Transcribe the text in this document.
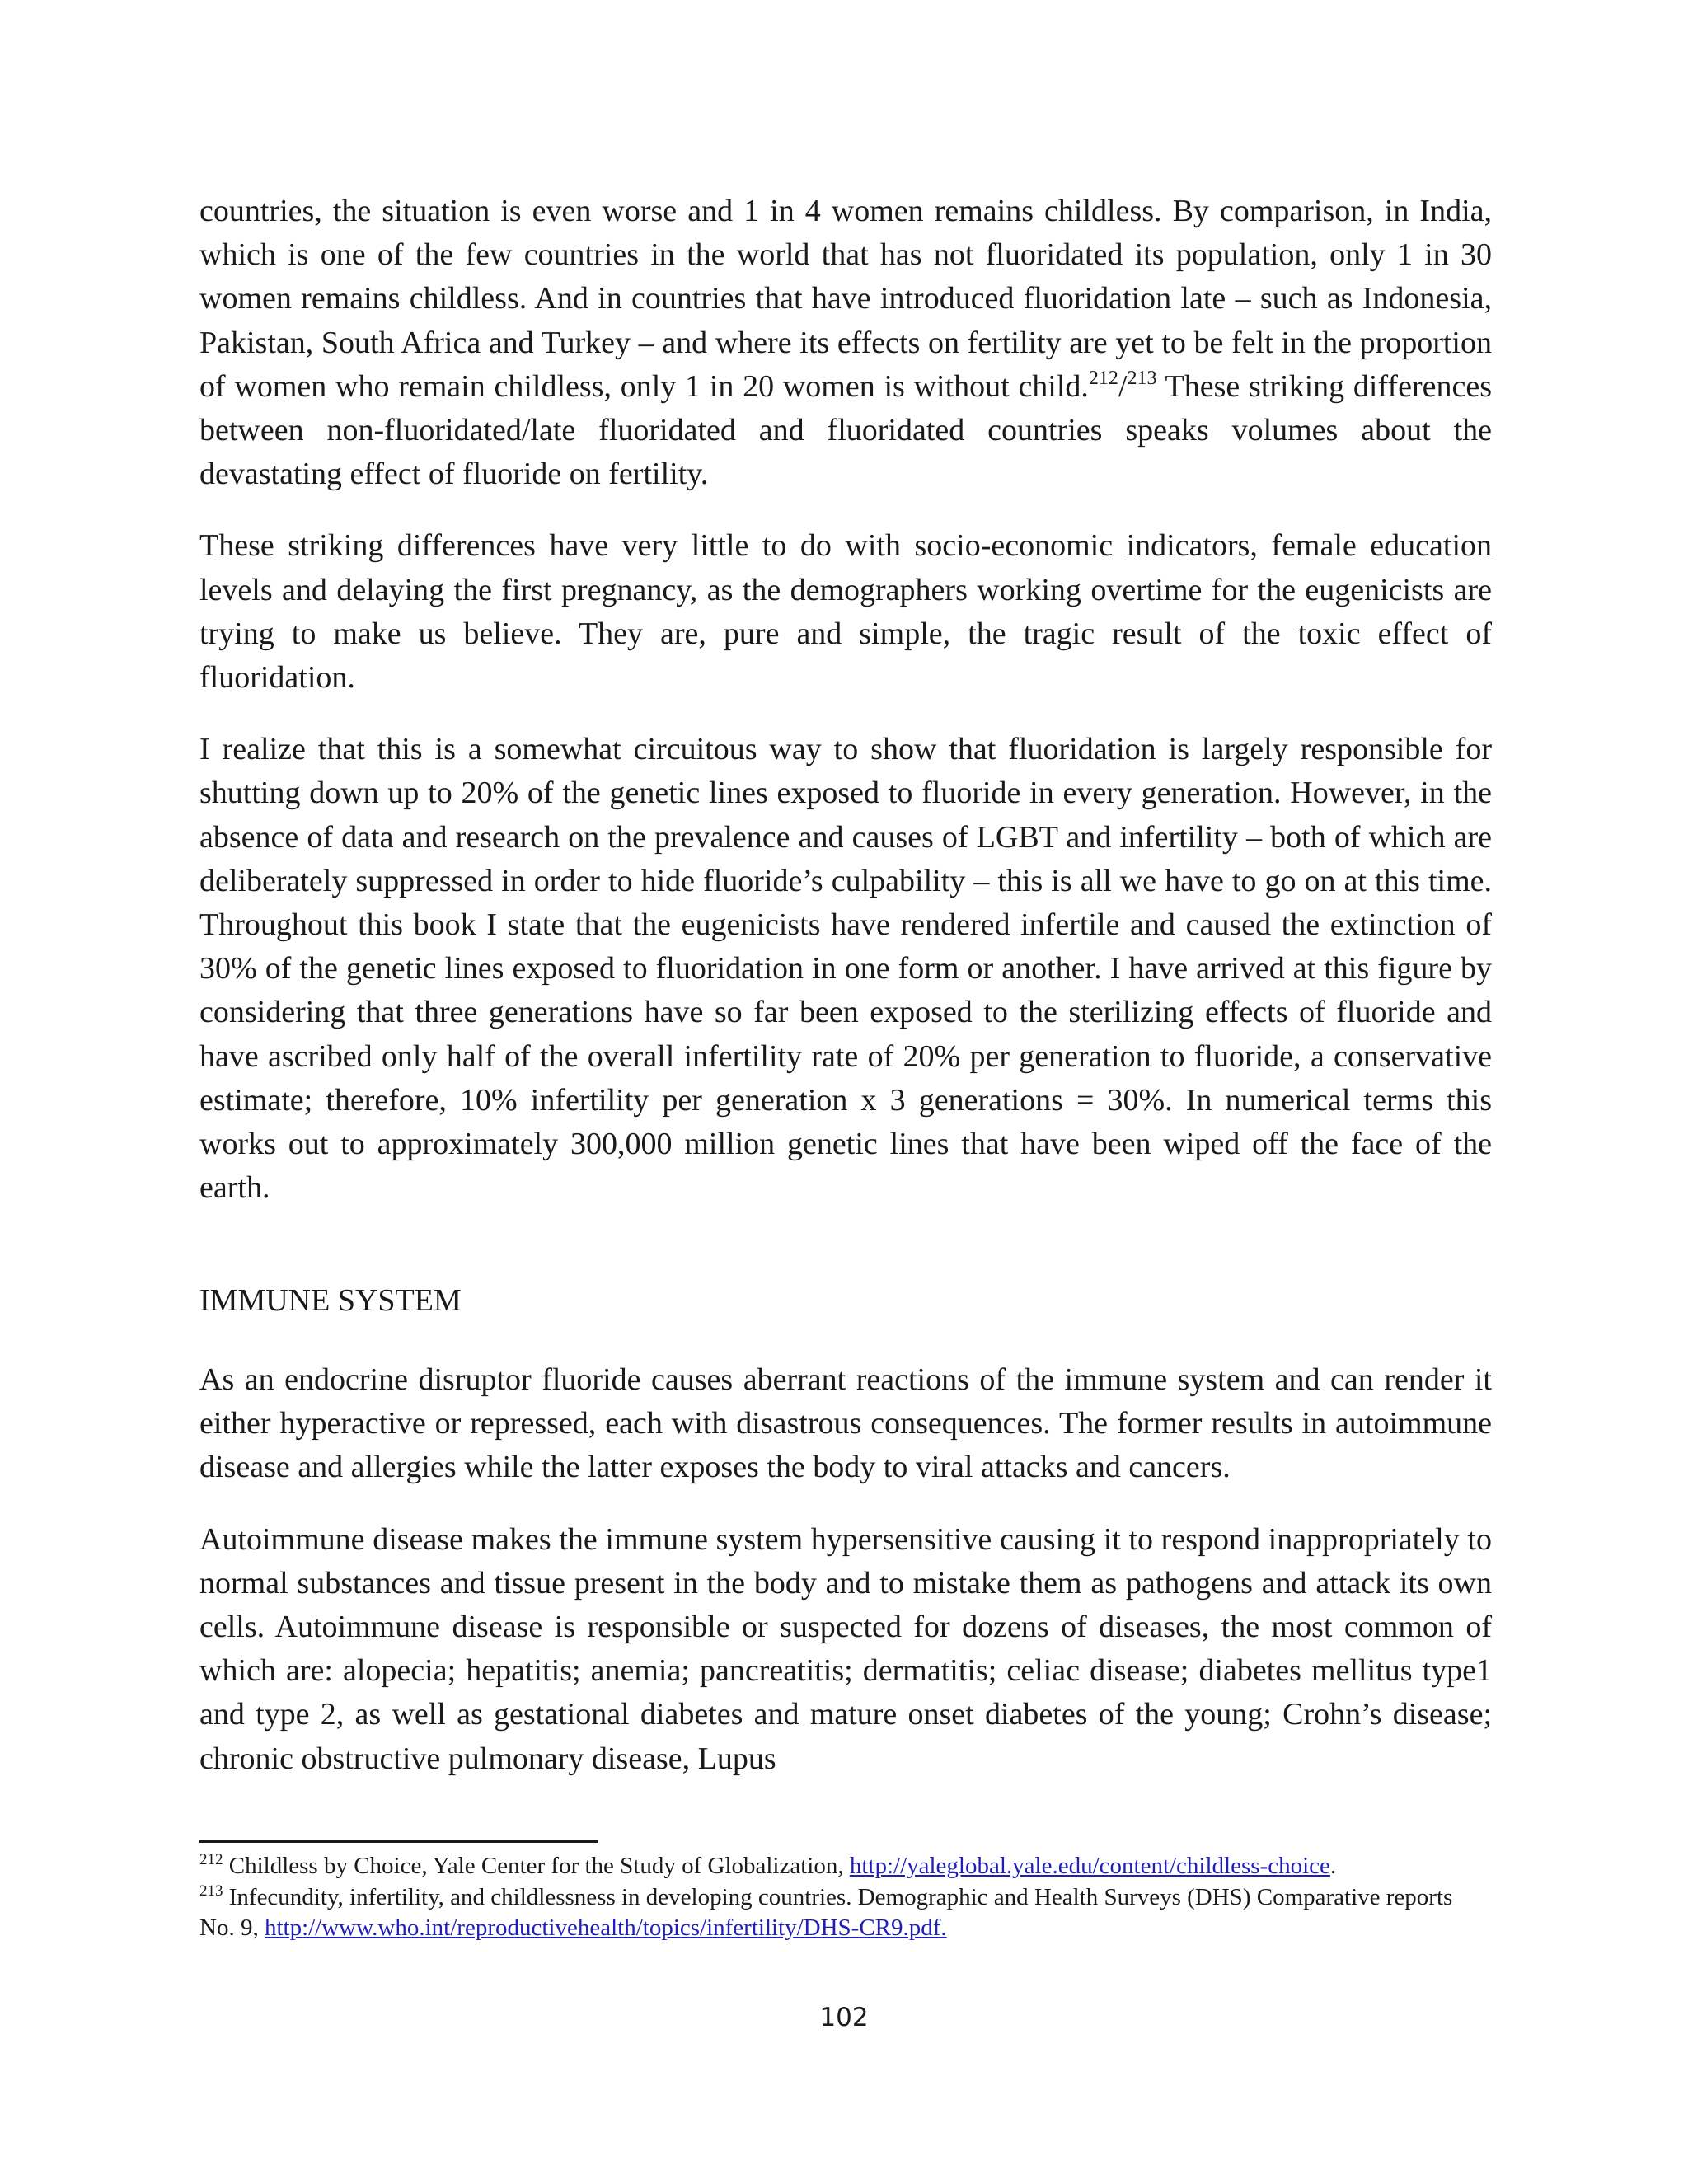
countries, the situation is even worse and 1 in 4 women remains childless. By comparison, in India, which is one of the few countries in the world that has not fluoridated its population, only 1 in 30 women remains childless. And in countries that have introduced fluoridation late – such as Indonesia, Pakistan, South Africa and Turkey – and where its effects on fertility are yet to be felt in the proportion of women who remain childless, only 1 in 20 women is without child.$^{212}$/$^{213}$ These striking differences between non-fluoridated/late fluoridated and fluoridated countries speaks volumes about the devastating effect of fluoride on fertility.

These striking differences have very little to do with socio-economic indicators, female education levels and delaying the first pregnancy, as the demographers working overtime for the eugenicists are trying to make us believe. They are, pure and simple, the tragic result of the toxic effect of fluoridation.

I realize that this is a somewhat circuitous way to show that fluoridation is largely responsible for shutting down up to 20% of the genetic lines exposed to fluoride in every generation. However, in the absence of data and research on the prevalence and causes of LGBT and infertility – both of which are deliberately suppressed in order to hide fluoride’s culpability – this is all we have to go on at this time. Throughout this book I state that the eugenicists have rendered infertile and caused the extinction of 30% of the genetic lines exposed to fluoridation in one form or another. I have arrived at this figure by considering that three generations have so far been exposed to the sterilizing effects of fluoride and have ascribed only half of the overall infertility rate of 20% per generation to fluoride, a conservative estimate; therefore, 10% infertility per generation x 3 generations = 30%. In numerical terms this works out to approximately 300,000 million genetic lines that have been wiped off the face of the earth.

IMMUNE SYSTEM

As an endocrine disruptor fluoride causes aberrant reactions of the immune system and can render it either hyperactive or repressed, each with disastrous consequences. The former results in autoimmune disease and allergies while the latter exposes the body to viral attacks and cancers.

Autoimmune disease makes the immune system hypersensitive causing it to respond inappropriately to normal substances and tissue present in the body and to mistake them as pathogens and attack its own cells. Autoimmune disease is responsible or suspected for dozens of diseases, the most common of which are: alopecia; hepatitis; anemia; pancreatitis; dermatitis; celiac disease; diabetes mellitus type1 and type 2, as well as gestational diabetes and mature onset diabetes of the young; Crohn’s disease; chronic obstructive pulmonary disease, Lupus

$^{212}$ Childless by Choice, Yale Center for the Study of Globalization, http://yaleglobal.yale.edu/content/childless-choice.

$^{213}$ Infecundity, infertility, and childlessness in developing countries. Demographic and Health Surveys (DHS) Comparative reports No. 9, http://www.who.int/reproductivehealth/topics/infertility/DHS-CR9.pdf.

102
